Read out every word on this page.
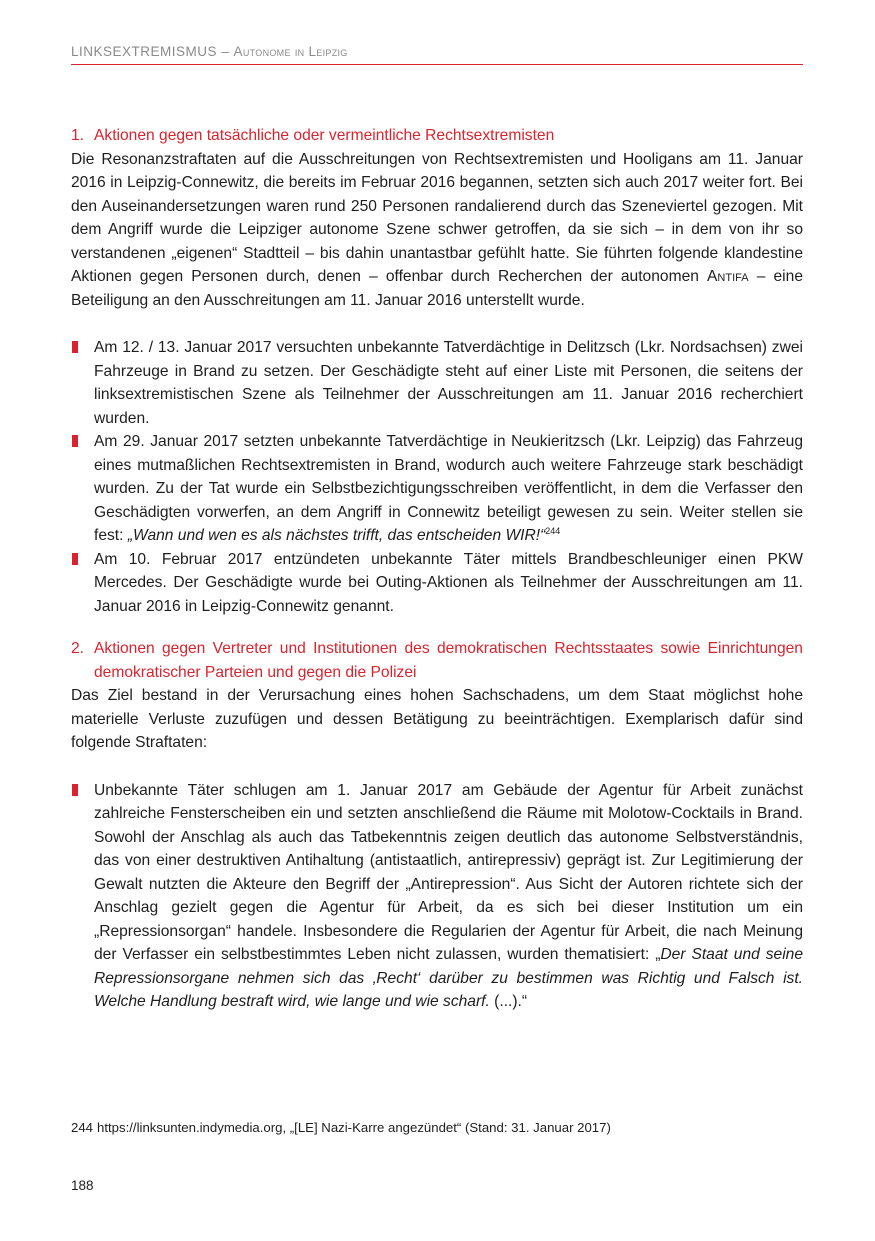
LINKSEXTREMISMUS – Autonome in Leipzig
1. Aktionen gegen tatsächliche oder vermeintliche Rechtsextremisten

Die Resonanzstraftaten auf die Ausschreitungen von Rechtsextremisten und Hooligans am 11. Januar 2016 in Leipzig-Connewitz, die bereits im Februar 2016 begannen, setzten sich auch 2017 weiter fort. Bei den Auseinandersetzungen waren rund 250 Personen randalierend durch das Szeneviertel gezogen. Mit dem Angriff wurde die Leipziger autonome Szene schwer getroffen, da sie sich – in dem von ihr so verstandenen „eigenen“ Stadtteil – bis dahin unantastbar gefühlt hatte. Sie führten folgende klandestine Aktionen gegen Personen durch, denen – offenbar durch Recherchen der autonomen Antifa – eine Beteiligung an den Ausschreitungen am 11. Januar 2016 unterstellt wurde.

Am 12. / 13. Januar 2017 versuchten unbekannte Tatverdächtige in Delitzsch (Lkr. Nordsachsen) zwei Fahrzeuge in Brand zu setzen. Der Geschädigte steht auf einer Liste mit Personen, die seitens der linksextremistischen Szene als Teilnehmer der Ausschreitungen am 11. Januar 2016 recherchiert wurden.
Am 29. Januar 2017 setzten unbekannte Tatverdächtige in Neukieritzsch (Lkr. Leipzig) das Fahrzeug eines mutmaßlichen Rechtsextremisten in Brand, wodurch auch weitere Fahrzeuge stark beschädigt wurden. Zu der Tat wurde ein Selbstbezichtigungsschreiben veröffentlicht, in dem die Verfasser den Geschädigten vorwerfen, an dem Angriff in Connewitz beteiligt gewesen zu sein. Weiter stellen sie fest: „Wann und wen es als nächstes trifft, das entscheiden WIR!“$^{244}$
Am 10. Februar 2017 entzündeten unbekannte Täter mittels Brandbeschleuniger einen PKW Mercedes. Der Geschädigte wurde bei Outing-Aktionen als Teilnehmer der Ausschreitungen am 11. Januar 2016 in Leipzig-Connewitz genannt.
2. Aktionen gegen Vertreter und Institutionen des demokratischen Rechtsstaates sowie Einrichtungen demokratischer Parteien und gegen die Polizei

Das Ziel bestand in der Verursachung eines hohen Sachschadens, um dem Staat möglichst hohe materielle Verluste zuzufügen und dessen Betätigung zu beeinträchtigen. Exemplarisch dafür sind folgende Straftaten:

Unbekannte Täter schlugen am 1. Januar 2017 am Gebäude der Agentur für Arbeit zunächst zahlreiche Fensterscheiben ein und setzten anschließend die Räume mit Molotow-Cocktails in Brand. Sowohl der Anschlag als auch das Tatbekenntnis zeigen deutlich das autonome Selbstverständnis, das von einer destruktiven Antihaltung (antistaatlich, antirepressiv) geprägt ist. Zur Legitimierung der Gewalt nutzten die Akteure den Begriff der „Antirepression“. Aus Sicht der Autoren richtete sich der Anschlag gezielt gegen die Agentur für Arbeit, da es sich bei dieser Institution um ein „Repressionsorgan“ handele. Insbesondere die Regularien der Agentur für Arbeit, die nach Meinung der Verfasser ein selbstbestimmtes Leben nicht zulassen, wurden thematisiert: „Der Staat und seine Repressionsorgane nehmen sich das ‚Recht‘ darüber zu bestimmen was Richtig und Falsch ist. Welche Handlung bestraft wird, wie lange und wie scharf. (...).“
244 https://linksunten.indymedia.org, „[LE] Nazi-Karre angezündet“ (Stand: 31. Januar 2017)
188
